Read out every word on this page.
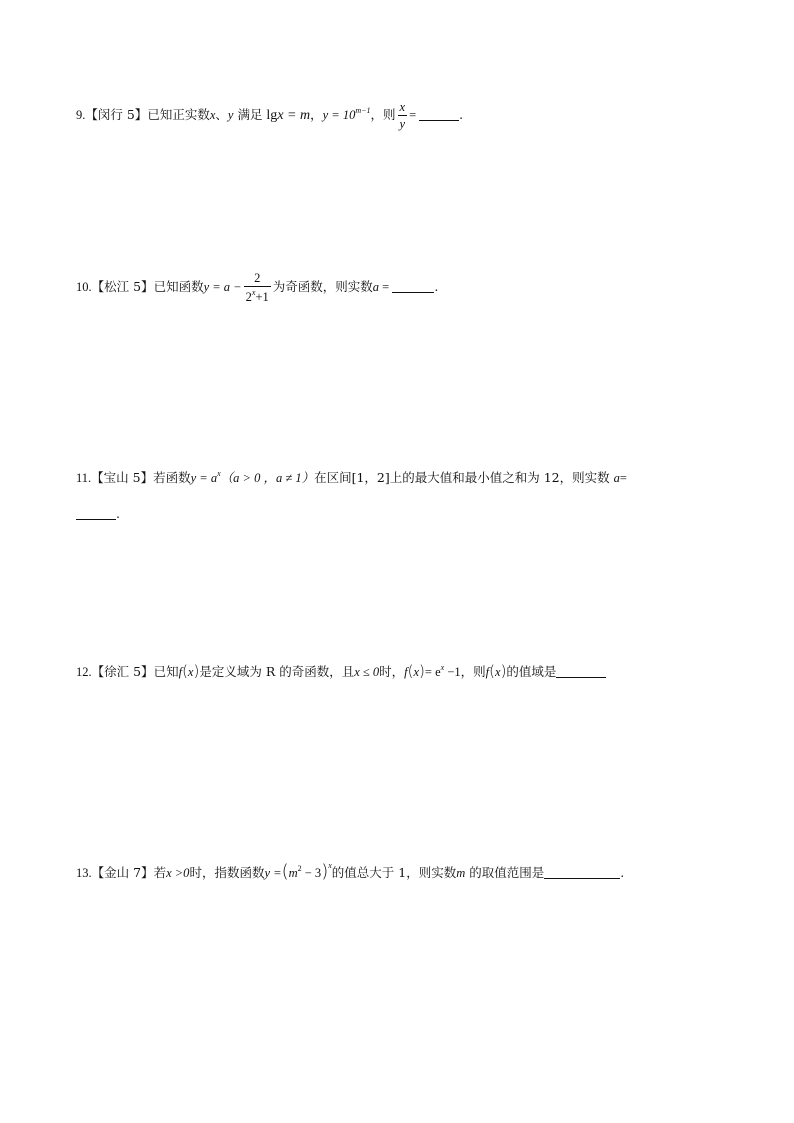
9.【闵行 5】已知正实数x、y 满足 lgx = m，$y = 10^{m-1}$，则 $\frac{x}{y}$ =	.
10.【松江 5】已知函数$y = a - \frac{2}{2^x+1}$ 为奇函数，则实数a =	.
11.【宝山 5】若函数$y = a^x(a > 0$ ，a ≠ 1）在区间[1，2]上的最大值和最小值之和为 12，则实数 a=
.
12.【徐汇 5】已知f(x)是定义域为 R 的奇函数，且x ≤ 0时，$f(x)= e^x -1$，则f(x)的值域是
13.【金山 7】若x >0时，指数函数$y =(m^2 - 3)^x$的值总大于 1，则实数m 的取值范围是	.
